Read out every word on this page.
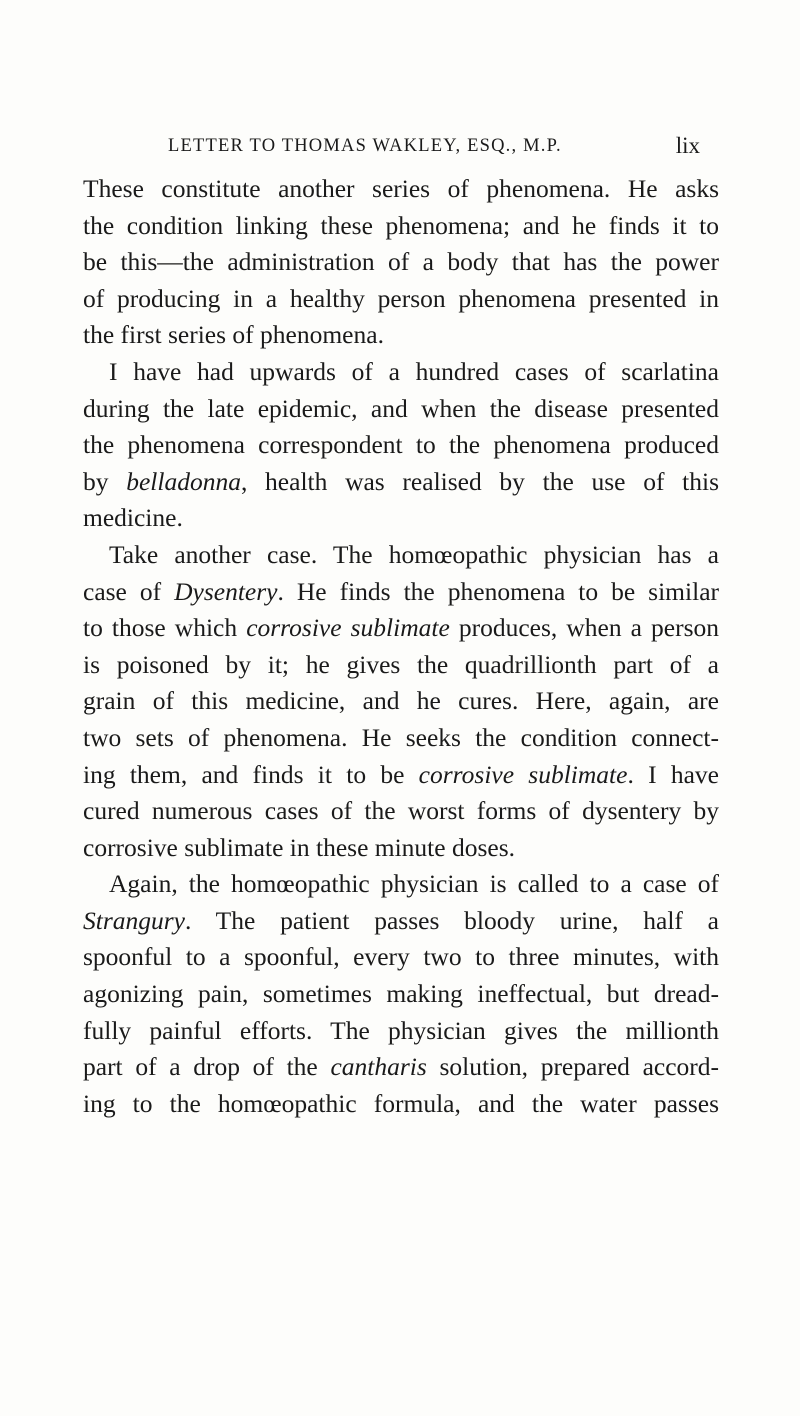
LETTER TO THOMAS WAKLEY, ESQ., M.P.	lix
These constitute another series of phenomena. He asks
the condition linking these phenomena; and he finds it to
be this—the administration of a body that has the power
of producing in a healthy person phenomena presented in
the first series of phenomena.
I have had upwards of a hundred cases of scarlatina
during the late epidemic, and when the disease presented
the phenomena correspondent to the phenomena produced
by belladonna, health was realised by the use of this
medicine.
Take another case. The homœopathic physician has a
case of Dysentery. He finds the phenomena to be similar
to those which corrosive sublimate produces, when a person
is poisoned by it; he gives the quadrillionth part of a
grain of this medicine, and he cures. Here, again, are
two sets of phenomena. He seeks the condition connect-
ing them, and finds it to be corrosive sublimate. I have
cured numerous cases of the worst forms of dysentery by
corrosive sublimate in these minute doses.
Again, the homœopathic physician is called to a case of
Strangury. The patient passes bloody urine, half a
spoonful to a spoonful, every two to three minutes, with
agonizing pain, sometimes making ineffectual, but dread-
fully painful efforts. The physician gives the millionth
part of a drop of the cantharis solution, prepared accord-
ing to the homœopathic formula, and the water passes
